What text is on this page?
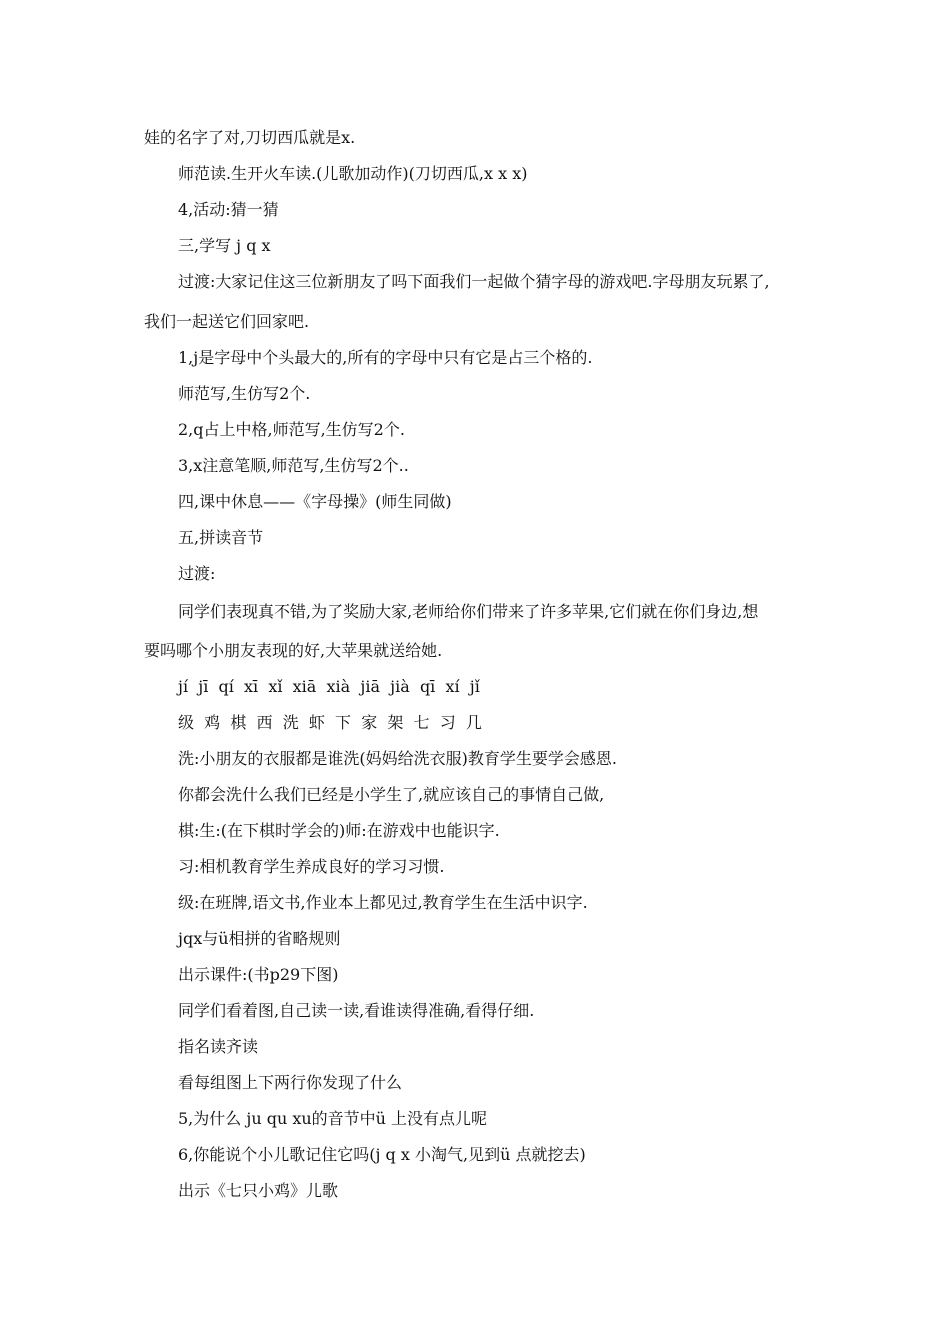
娃的名字了对,刀切西瓜就是x.
师范读.生开火车读.(儿歌加动作)(刀切西瓜,x x x)
4,活动:猜一猜
三,学写 j q x
过渡:大家记住这三位新朋友了吗下面我们一起做个猜字母的游戏吧.字母朋友玩累了,
我们一起送它们回家吧.
1,j是字母中个头最大的,所有的字母中只有它是占三个格的.
师范写,生仿写2个.
2,q占上中格,师范写,生仿写2个.
3,x注意笔顺,师范写,生仿写2个..
四,课中休息——《字母操》(师生同做)
五,拼读音节
过渡:
同学们表现真不错,为了奖励大家,老师给你们带来了许多苹果,它们就在你们身边,想
要吗哪个小朋友表现的好,大苹果就送给她.
jí  jī  qí  xī  xǐ  xiā  xià  jiā  jià  qī  xí  jǐ
级  鸡  棋  西  洗  虾  下  家  架  七  习  几
洗:小朋友的衣服都是谁洗(妈妈给洗衣服)教育学生要学会感恩.
你都会洗什么我们已经是小学生了,就应该自己的事情自己做,
棋:生:(在下棋时学会的)师:在游戏中也能识字.
习:相机教育学生养成良好的学习习惯.
级:在班牌,语文书,作业本上都见过,教育学生在生活中识字.
jqx与ü相拼的省略规则
出示课件:(书p29下图)
同学们看着图,自己读一读,看谁读得准确,看得仔细.
指名读齐读
看每组图上下两行你发现了什么
5,为什么 ju qu xu的音节中ü 上没有点儿呢
6,你能说个小儿歌记住它吗(j q x 小淘气,见到ü 点就挖去)
出示《七只小鸡》儿歌
